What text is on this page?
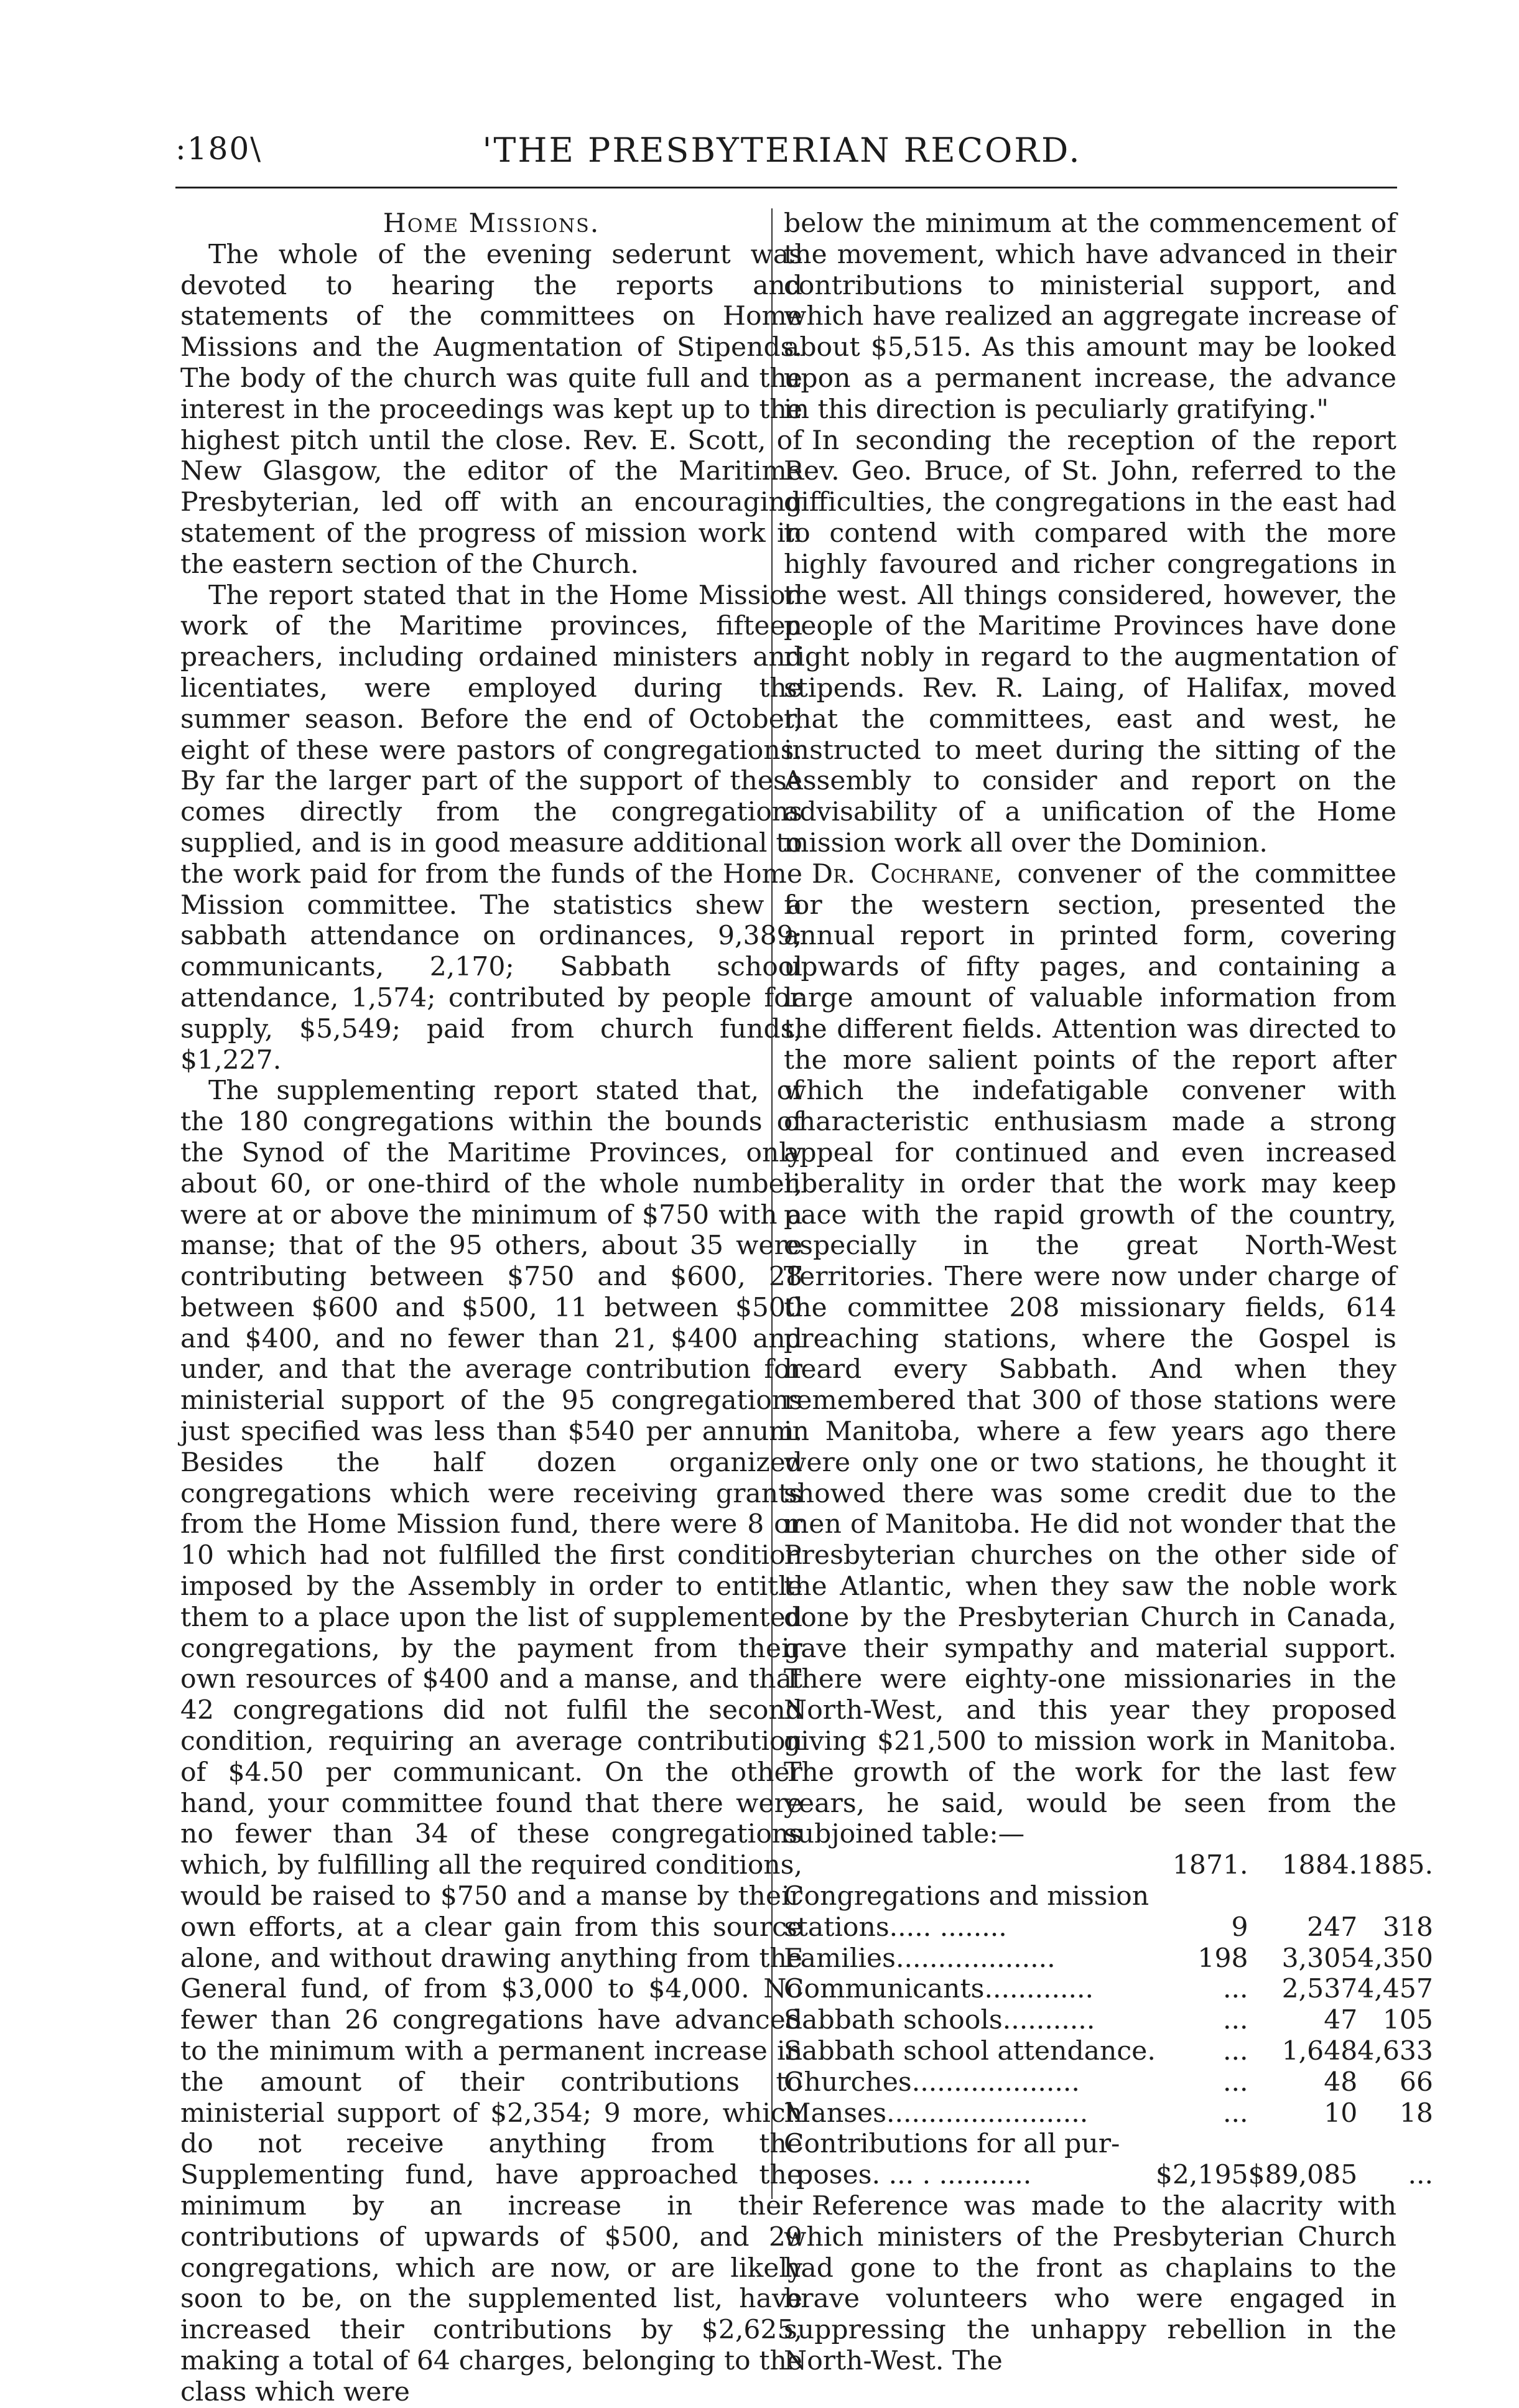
:180\	'THE PRESBYTERIAN RECORD.

Home Missions.

The whole of the evening sederunt was devoted to hearing the reports and statements of the committees on Home Missions and the Augmentation of Stipends. The body of the church was quite full and the interest in the proceedings was kept up to the highest pitch until the close. Rev. E. Scott, of New Glasgow, the editor of the Maritime Presbyterian, led off with an encouraging statement of the progress of mission work in the eastern section of the Church.

The report stated that in the Home Mission work of the Maritime provinces, fifteen preachers, including ordained ministers and licentiates, were employed during the summer season. Before the end of October, eight of these were pastors of congregations. By far the larger part of the support of these comes directly from the congregations supplied, and is in good measure additional to the work paid for from the funds of the Home Mission committee. The statistics shew a sabbath attendance on ordinances, 9,389; communicants, 2,170; Sabbath school attendance, 1,574; contributed by people for supply, $5,549; paid from church funds, $1,227.

The supplementing report stated that, of the 180 congregations within the bounds of the Synod of the Maritime Provinces, only about 60, or one-third of the whole number, were at or above the minimum of $750 with a manse; that of the 95 others, about 35 were contributing between $750 and $600, 28 between $600 and $500, 11 between $500 and $400, and no fewer than 21, $400 and under, and that the average contribution for ministerial support of the 95 congregations just specified was less than $540 per annum. Besides the half dozen organized congregations which were receiving grants from the Home Mission fund, there were 8 or 10 which had not fulfilled the first condition imposed by the Assembly in order to entitle them to a place upon the list of supplemented congregations, by the payment from their own resources of $400 and a manse, and that 42 congregations did not fulfil the second condition, requiring an average contribution of $4.50 per communicant. On the other hand, your committee found that there were no fewer than 34 of these congregations which, by fulfilling all the required conditions, would be raised to $750 and a manse by their own efforts, at a clear gain from this source alone, and without drawing anything from the General fund, of from $3,000 to $4,000. No fewer than 26 congregations have advanced to the minimum with a permanent increase in the amount of their contributions to ministerial support of $2,354; 9 more, which do not receive anything from the Supplementing fund, have approached the minimum by an increase in their contributions of upwards of $500, and 29 congregations, which are now, or are likely soon to be, on the supplemented list, have increased their contributions by $2,625, making a total of 64 charges, belonging to the class which were

below the minimum at the commencement of the movement, which have advanced in their contributions to ministerial support, and which have realized an aggregate increase of about $5,515. As this amount may be looked upon as a permanent increase, the advance in this direction is peculiarly gratifying."

In seconding the reception of the report Rev. Geo. Bruce, of St. John, referred to the difficulties, the congregations in the east had to contend with compared with the more highly favoured and richer congregations in the west. All things considered, however, the people of the Maritime Provinces have done right nobly in regard to the augmentation of stipends. Rev. R. Laing, of Halifax, moved that the committees, east and west, he instructed to meet during the sitting of the Assembly to consider and report on the advisability of a unification of the Home mission work all over the Dominion.

Dr. Cochrane, convener of the committee for the western section, presented the annual report in printed form, covering upwards of fifty pages, and containing a large amount of valuable information from the different fields. Attention was directed to the more salient points of the report after which the indefatigable convener with characteristic enthusiasm made a strong appeal for continued and even increased liberality in order that the work may keep pace with the rapid growth of the country, especially in the great North-West Territories. There were now under charge of the committee 208 missionary fields, 614 preaching stations, where the Gospel is heard every Sabbath. And when they remembered that 300 of those stations were in Manitoba, where a few years ago there were only one or two stations, he thought it showed there was some credit due to the men of Manitoba. He did not wonder that the Presbyterian churches on the other side of the Atlantic, when they saw the noble work done by the Presbyterian Church in Canada, gave their sympathy and material support. There were eighty-one missionaries in the North-West, and this year they proposed giving $21,500 to mission work in Manitoba. The growth of the work for the last few years, he said, would be seen from the subjoined table:—

	1871.	1884.	1885.
Congregations and mission			
stations..... ........	9	247	318
Families...................	198	3,305	4,350
Communicants.............	...	2,537	4,457
Sabbath schools...........	...	47	105
Sabbath school attendance.	...	1,648	4,633
Churches....................	...	48	66
Manses........................	...	10	18
Contributions for all pur-			
poses. ... . ...........	$2,195	$89,085	...

Reference was made to the alacrity with which ministers of the Presbyterian Church had gone to the front as chaplains to the brave volunteers who were engaged in suppressing the unhappy rebellion in the North-West. The
